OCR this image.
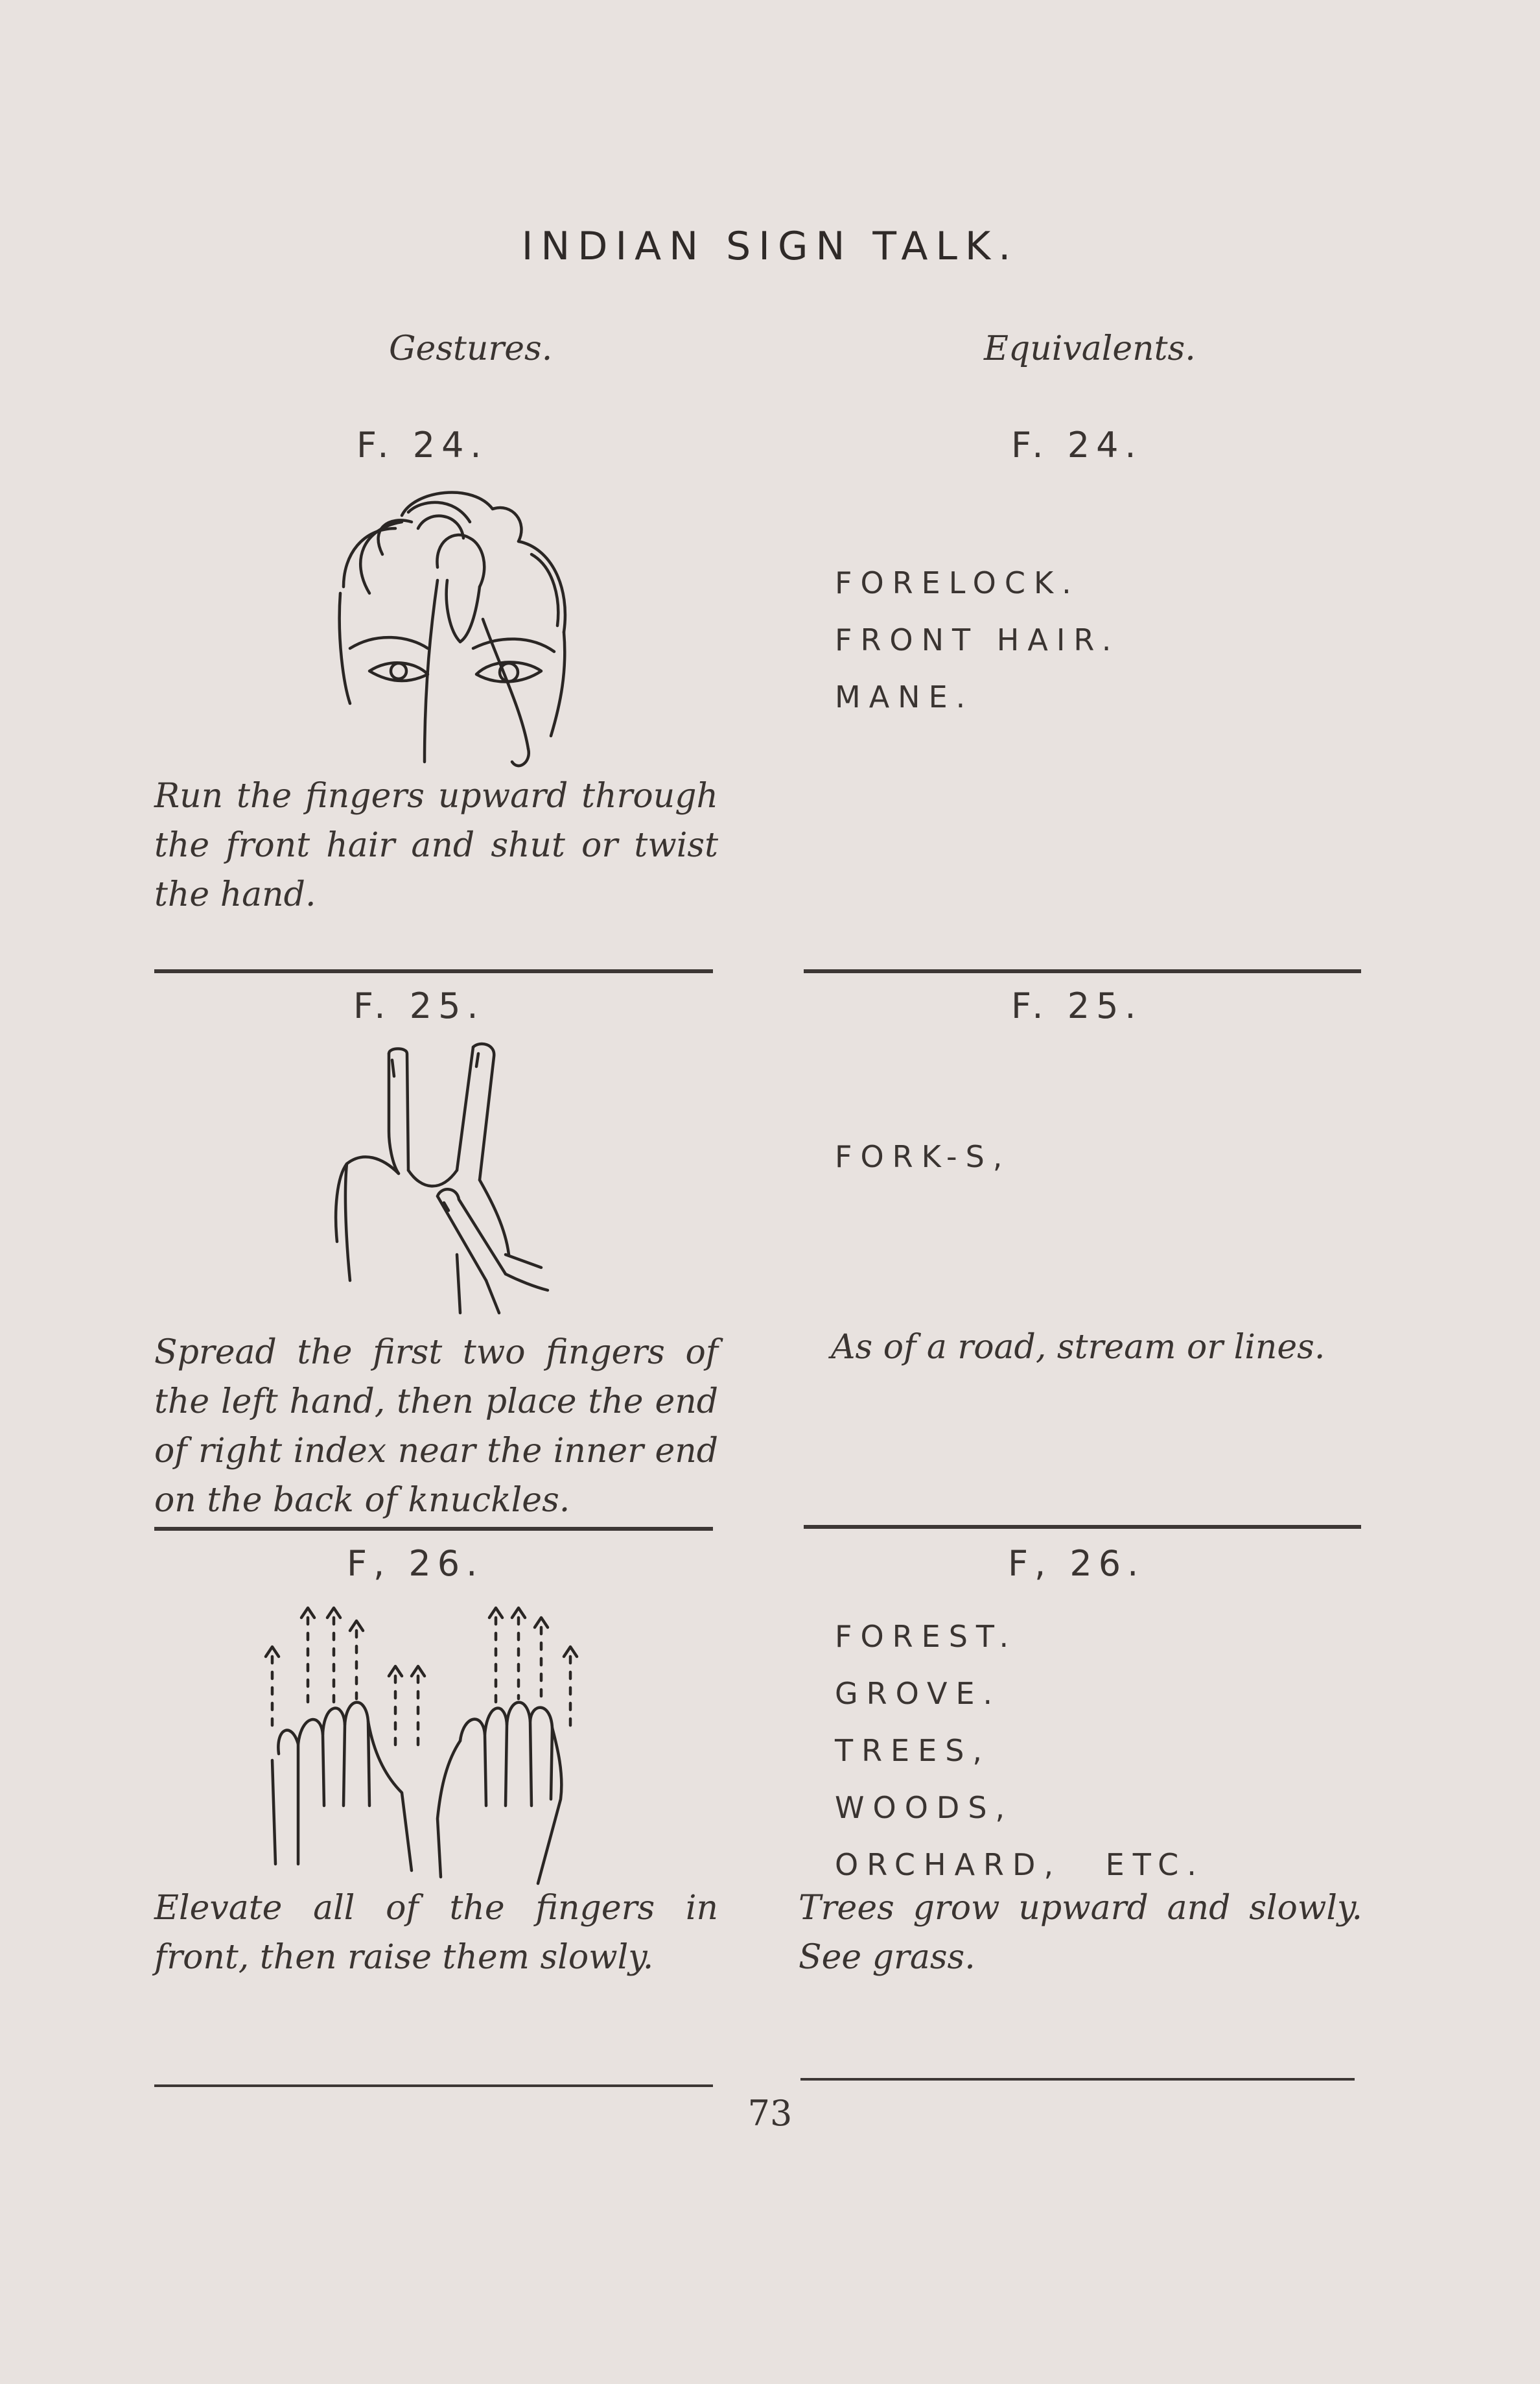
INDIAN SIGN TALK.
Gestures.	Equivalents.
F. 24.	F. 24.
Run the fingers upward through the front hair and shut or twist the hand.
FORELOCK.
FRONT HAIR.
MANE.
F. 25.	F. 25.
Spread the first two fingers of the left hand, then place the end of right index near the inner end on the back of knuckles.
FORK-S,
As of a road, stream or lines.
F, 26.	F, 26.
Elevate all of the fingers in front, then raise them slowly.
FOREST.
GROVE.
TREES,
WOODS,
ORCHARD, ETC.
Trees grow upward and slowly. See grass.
73
